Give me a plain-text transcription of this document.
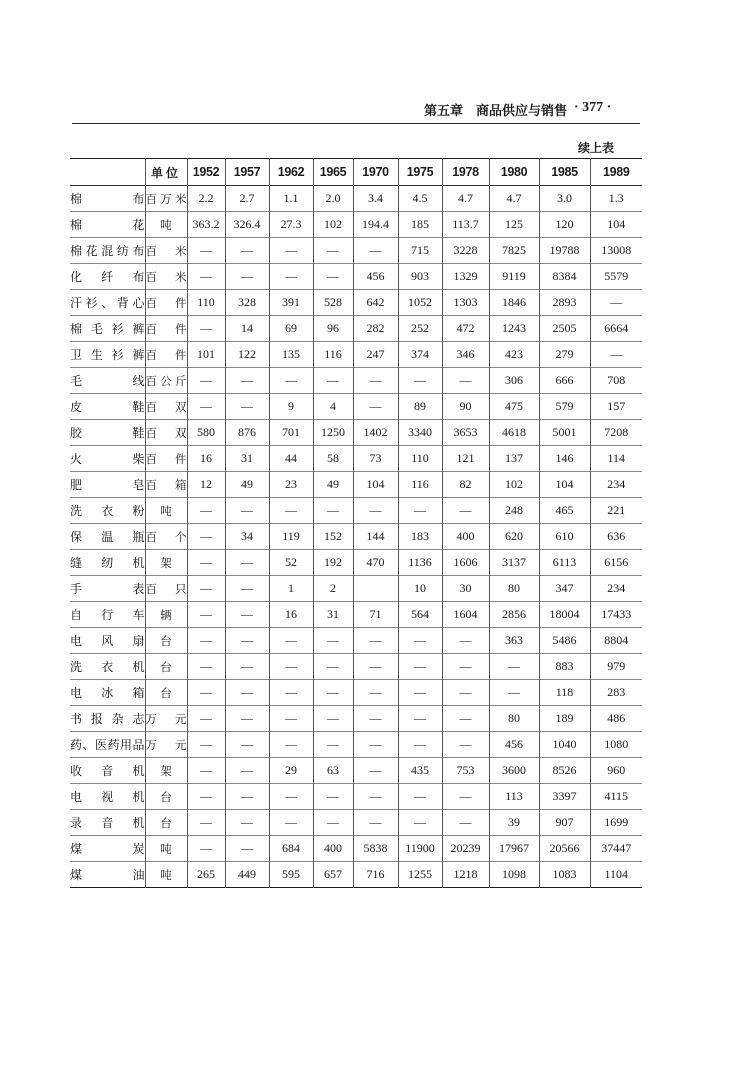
第五章　商品供应与销售 · 377 ·
续上表
	单位	1952	1957	1962	1965	1970	1975	1978	1980	1985	1989
棉布	百万米	2.2	2.7	1.1	2.0	3.4	4.5	4.7	4.7	3.0	1.3
棉花	吨	363.2	326.4	27.3	102	194.4	185	113.7	125	120	104
棉花混纺布	百米	—	—	—	—	—	715	3228	7825	19788	13008
化纤布	百米	—	—	—	—	456	903	1329	9119	8384	5579
汗衫、背心	百件	110	328	391	528	642	1052	1303	1846	2893	—
棉毛衫裤	百件	—	14	69	96	282	252	472	1243	2505	6664
卫生衫裤	百件	101	122	135	116	247	374	346	423	279	—
毛线	百公斤	—	—	—	—	—	—	—	306	666	708
皮鞋	百双	—	—	9	4	—	89	90	475	579	157
胶鞋	百双	580	876	701	1250	1402	3340	3653	4618	5001	7208
火柴	百件	16	31	44	58	73	110	121	137	146	114
肥皂	百箱	12	49	23	49	104	116	82	102	104	234
洗衣粉	吨	—	—	—	—	—	—	—	248	465	221
保温瓶	百个	—	34	119	152	144	183	400	620	610	636
缝纫机	架	—	—	52	192	470	1136	1606	3137	6113	6156
手表	百只	—	—	1	2		10	30	80	347	234
自行车	辆	—	—	16	31	71	564	1604	2856	18004	17433
电风扇	台	—	—	—	—	—	—	—	363	5486	8804
洗衣机	台	—	—	—	—	—	—	—	—	883	979
电冰箱	台	—	—	—	—	—	—	—	—	118	283
书报杂志	万元	—	—	—	—	—	—	—	80	189	486
药、医药用品	万元	—	—	—	—	—	—	—	456	1040	1080
收音机	架	—	—	29	63	—	435	753	3600	8526	960
电视机	台	—	—	—	—	—	—	—	113	3397	4115
录音机	台	—	—	—	—	—	—	—	39	907	1699
煤炭	吨	—	—	684	400	5838	11900	20239	17967	20566	37447
煤油	吨	265	449	595	657	716	1255	1218	1098	1083	1104
